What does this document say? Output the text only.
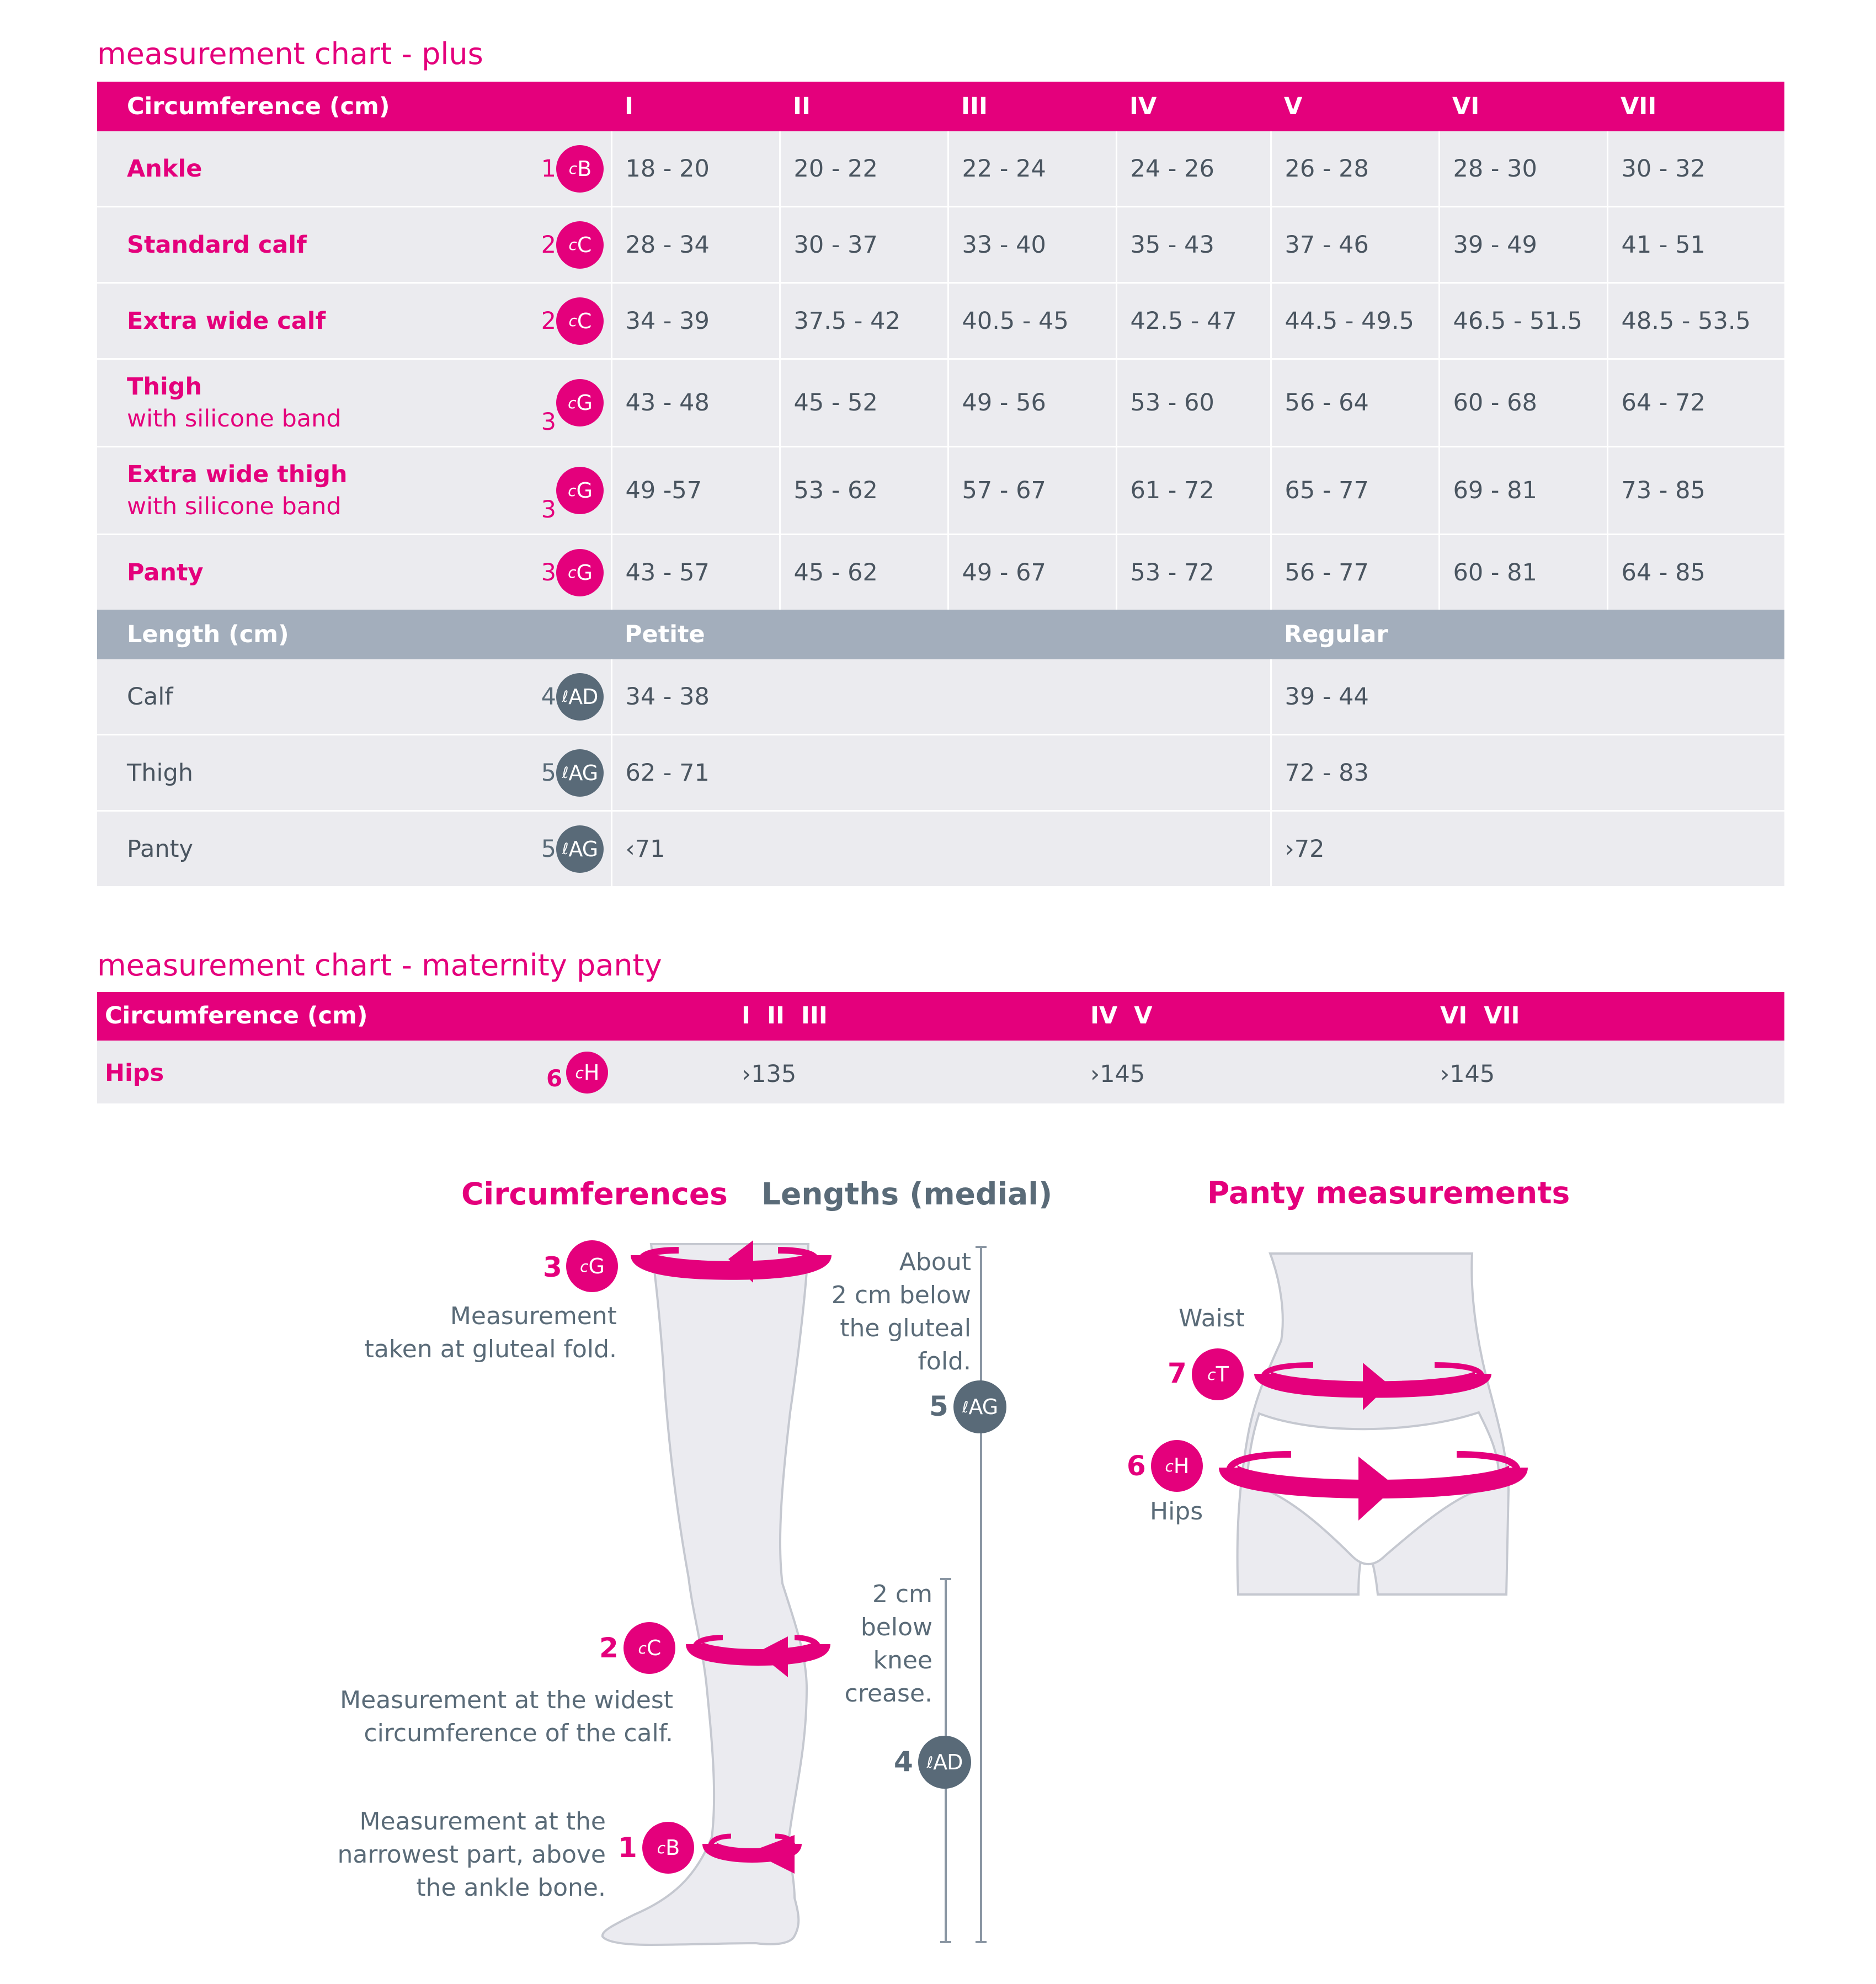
measurement chart - plus
Circumference (cm)			I	II	III	IV	V	VI	VII
Ankle	1	c B	18 - 20	20 - 22	22 - 24	24 - 26	26 - 28	28 - 30	30 - 32
Standard calf	2	c C	28 - 34	30 - 37	33 - 40	35 - 43	37 - 46	39 - 49	41 - 51
Extra wide calf	2	c C	34 - 39	37.5 - 42	40.5 - 45	42.5 - 47	44.5 - 49.5	46.5 - 51.5	48.5 - 53.5
Thigh
with silicone band	3	c G	43 - 48	45 - 52	49 - 56	53 - 60	56 - 64	60 - 68	64 - 72
Extra wide thigh
with silicone band	3	c G	49 -57	53 - 62	57 - 67	61 - 72	65 - 77	69 - 81	73 - 85
Panty	3	c G	43 - 57	45 - 62	49 - 67	53 - 72	56 - 77	60 - 81	64 - 85
Length (cm)			Petite				Regular		
Calf	4	ℓ AD	34 - 38				39 - 44		
Thigh	5	ℓ AG	62 - 71				72 - 83		
Panty	5	ℓ AG	‹71				›72		
measurement chart - maternity panty
Circumference (cm)	I  II  III	IV  V	VI  VII
Hips	6 c H	›135	›145	›145
Circumferences Lengths (medial)	Panty measurements
3 c G
Measurement
taken at gluteal fold.
2 c C
Measurement at the widest
circumference of the calf.
1 c B
Measurement at the
narrowest part, above
the ankle bone.
About
2 cm below
the gluteal
fold.
5 ℓ AG
2 cm
below
knee
crease.
4 ℓ AD
Waist
7 c T
6 c H
Hips
